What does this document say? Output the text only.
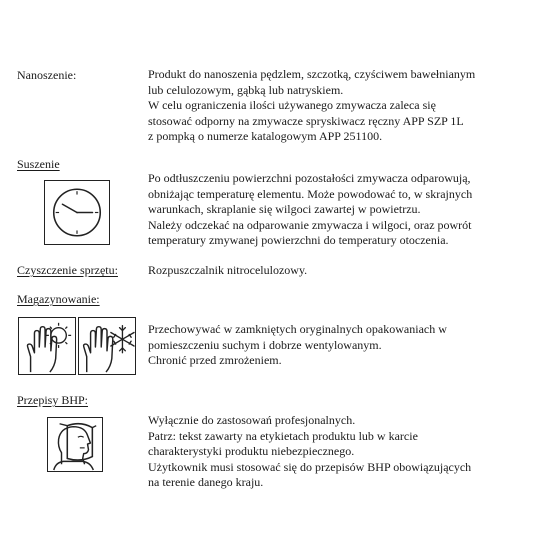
Nanoszenie:	Produkt do nanoszenia pędzlem, szczotką, czyściwem bawełnianym
lub celulozowym, gąbką lub natryskiem.
W celu ograniczenia ilości używanego zmywacza zaleca się
stosować odporny na zmywacze spryskiwacz ręczny APP SZP 1L
z pompką o numerze katalogowym APP 251100.
Suszenie
Po odtłuszczeniu powierzchni pozostałości zmywacza odparowują,
obniżając temperaturę elementu. Może powodować to, w skrajnych
warunkach, skraplanie się wilgoci zawartej w powietrzu.
Należy odczekać na odparowanie zmywacza i wilgoci, oraz powrót
temperatury zmywanej powierzchni do temperatury otoczenia.
Czyszczenie sprzętu:	Rozpuszczalnik nitrocelulozowy.
Magazynowanie:
Przechowywać w zamkniętych oryginalnych opakowaniach w
pomieszczeniu suchym i dobrze wentylowanym.
Chronić przed zmrożeniem.
Przepisy BHP:
Wyłącznie do zastosowań profesjonalnych.
Patrz: tekst zawarty na etykietach produktu lub w karcie
charakterystyki produktu niebezpiecznego.
Użytkownik musi stosować się do przepisów BHP obowiązujących
na terenie danego kraju.
